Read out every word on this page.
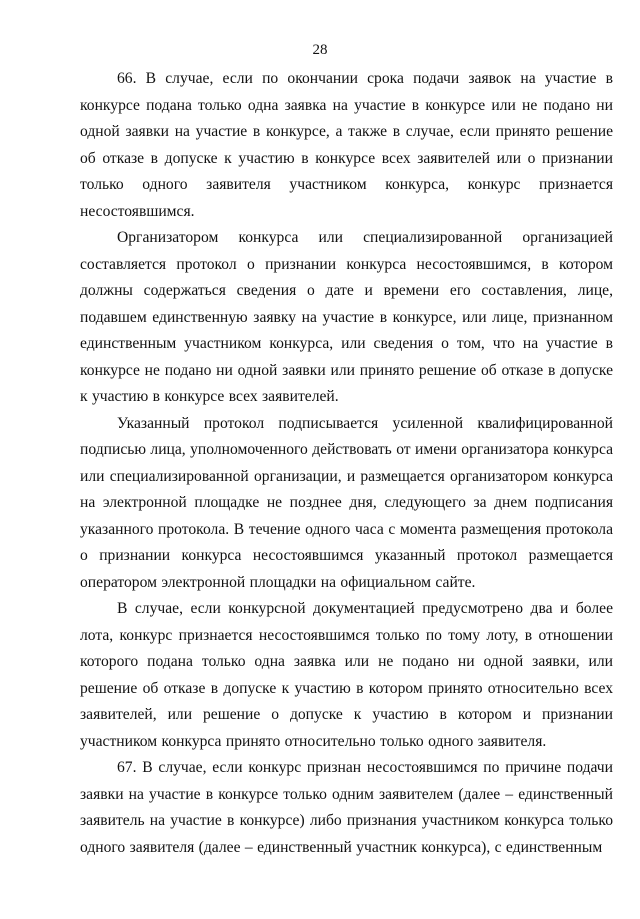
28

66. В случае, если по окончании срока подачи заявок на участие в конкурсе подана только одна заявка на участие в конкурсе или не подано ни одной заявки на участие в конкурсе, а также в случае, если принято решение об отказе в допуске к участию в конкурсе всех заявителей или о признании только одного заявителя участником конкурса, конкурс признается несостоявшимся.

Организатором конкурса или специализированной организацией составляется протокол о признании конкурса несостоявшимся, в котором должны содержаться сведения о дате и времени его составления, лице, подавшем единственную заявку на участие в конкурсе, или лице, признанном единственным участником конкурса, или сведения о том, что на участие в конкурсе не подано ни одной заявки или принято решение об отказе в допуске к участию в конкурсе всех заявителей.

Указанный протокол подписывается усиленной квалифицированной подписью лица, уполномоченного действовать от имени организатора конкурса или специализированной организации, и размещается организатором конкурса на электронной площадке не позднее дня, следующего за днем подписания указанного протокола. В течение одного часа с момента размещения протокола о признании конкурса несостоявшимся указанный протокол размещается оператором электронной площадки на официальном сайте.

В случае, если конкурсной документацией предусмотрено два и более лота, конкурс признается несостоявшимся только по тому лоту, в отношении которого подана только одна заявка или не подано ни одной заявки, или решение об отказе в допуске к участию в котором принято относительно всех заявителей, или решение о допуске к участию в котором и признании участником конкурса принято относительно только одного заявителя.

67. В случае, если конкурс признан несостоявшимся по причине подачи заявки на участие в конкурсе только одним заявителем (далее – единственный заявитель на участие в конкурсе) либо признания участником конкурса только одного заявителя (далее – единственный участник конкурса), с единственным
